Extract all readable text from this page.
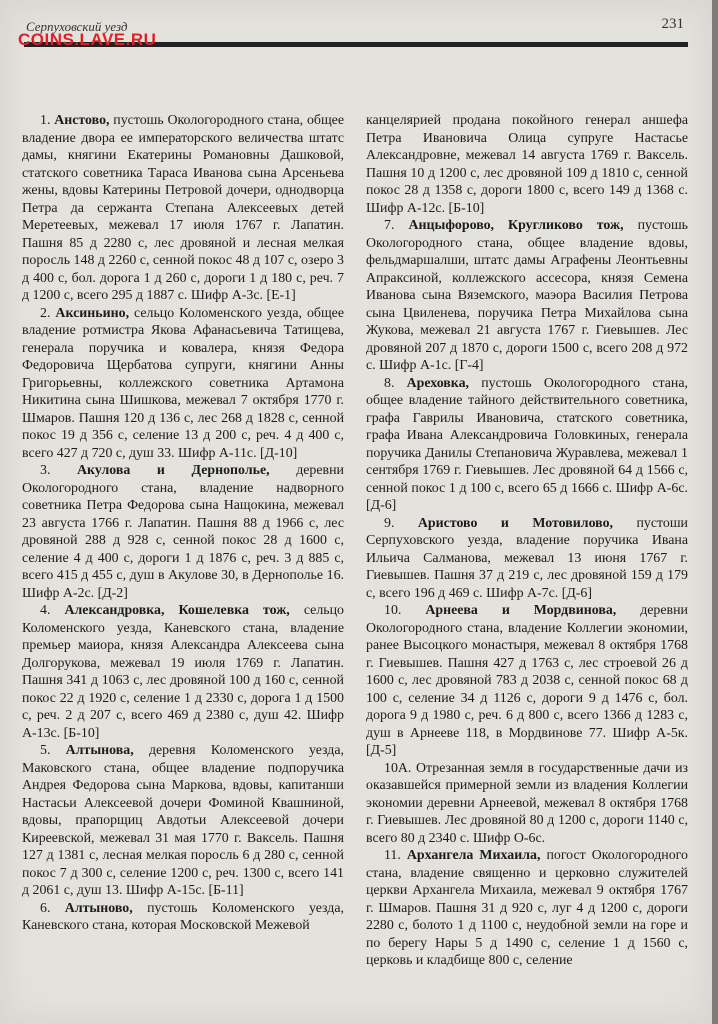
Серпуховский уезд	231
COINS.LAVE.RU

1. Анстово, пустошь Окологородного стана, общее владение двора ее императорского величества штатс дамы, княгини Екатерины Романовны Дашковой, статского советника Тараса Иванова сына Арсеньева жены, вдовы Катерины Петровой дочери, однодворца Петра да сержанта Степана Алексеевых детей Меретеевых, межевал 17 июля 1767 г. Лапатин. Пашня 85 д 2280 с, лес дровяной и лесная мелкая поросль 148 д 2260 с, сенной покос 48 д 107 с, озеро 3 д 400 с, бол. дорога 1 д 260 с, дороги 1 д 180 с, реч. 7 д 1200 с, всего 295 д 1887 с. Шифр А-3с. [Е-1]

2. Аксиньино, сельцо Коломенского уезда, общее владение ротмистра Якова Афанасьевича Татищева, генерала поручика и ковалера, князя Федора Федоровича Щербатова супруги, княгини Анны Григорьевны, коллежского советника Артамона Никитина сына Шишкова, межевал 7 октября 1770 г. Шмаров. Пашня 120 д 136 с, лес 268 д 1828 с, сенной покос 19 д 356 с, селение 13 д 200 с, реч. 4 д 400 с, всего 427 д 720 с, душ 33. Шифр А-11с. [Д-10]

3. Акулова и Дернополье, деревни Окологородного стана, владение надворного советника Петра Федорова сына Нащокина, межевал 23 августа 1766 г. Лапатин. Пашня 88 д 1966 с, лес дровяной 288 д 928 с, сенной покос 28 д 1600 с, селение 4 д 400 с, дороги 1 д 1876 с, реч. 3 д 885 с, всего 415 д 455 с, душ в Акулове 30, в Дернополье 16. Шифр А-2с. [Д-2]

4. Александровка, Кошелевка тож, сельцо Коломенского уезда, Каневского стана, владение премьер маиора, князя Александра Алексеева сына Долгорукова, межевал 19 июля 1769 г. Лапатин. Пашня 341 д 1063 с, лес дровяной 100 д 160 с, сенной покос 22 д 1920 с, селение 1 д 2330 с, дорога 1 д 1500 с, реч. 2 д 207 с, всего 469 д 2380 с, душ 42. Шифр А-13с. [Б-10]

5. Алтынова, деревня Коломенского уезда, Маковского стана, общее владение подпоручика Андрея Федорова сына Маркова, вдовы, капитанши Настасьи Алексеевой дочери Фоминой Квашниной, вдовы, прапорщиц Авдотьи Алексеевой дочери Киреевской, межевал 31 мая 1770 г. Ваксель. Пашня 127 д 1381 с, лесная мелкая поросль 6 д 280 с, сенной покос 7 д 300 с, селение 1200 с, реч. 1300 с, всего 141 д 2061 с, душ 13. Шифр А-15с. [Б-11]

6. Алтыново, пустошь Коломенского уезда, Каневского стана, которая Московской Межевой

канцелярией продана покойного генерал аншефа Петра Ивановича Олица супруге Настасье Александровне, межевал 14 августа 1769 г. Ваксель. Пашня 10 д 1200 с, лес дровяной 109 д 1810 с, сенной покос 28 д 1358 с, дороги 1800 с, всего 149 д 1368 с. Шифр А-12с. [Б-10]

7. Анцыфорово, Кругликово тож, пустошь Окологородного стана, общее владение вдовы, фельдмаршалши, штатс дамы Аграфены Леонтьевны Апраксиной, коллежского ассесора, князя Семена Иванова сына Вяземского, маэора Василия Петрова сына Цвиленева, поручика Петра Михайлова сына Жукова, межевал 21 августа 1767 г. Гиевышев. Лес дровяной 207 д 1870 с, дороги 1500 с, всего 208 д 972 с. Шифр А-1с. [Г-4]

8. Ареховка, пустошь Окологородного стана, общее владение тайного действительного советника, графа Гаврилы Ивановича, статского советника, графа Ивана Александровича Головкиных, генерала поручика Данилы Степановича Журавлева, межевал 1 сентября 1769 г. Гиевышев. Лес дровяной 64 д 1566 с, сенной покос 1 д 100 с, всего 65 д 1666 с. Шифр А-6с. [Д-6]

9. Аристово и Мотовилово, пустоши Серпуховского уезда, владение поручика Ивана Ильича Салманова, межевал 13 июня 1767 г. Гиевышев. Пашня 37 д 219 с, лес дровяной 159 д 179 с, всего 196 д 469 с. Шифр А-7с. [Д-6]

10. Арнеева и Мордвинова, деревни Окологородного стана, владение Коллегии экономии, ранее Высоцкого монастыря, межевал 8 октября 1768 г. Гиевышев. Пашня 427 д 1763 с, лес строевой 26 д 1600 с, лес дровяной 783 д 2038 с, сенной покос 68 д 100 с, селение 34 д 1126 с, дороги 9 д 1476 с, бол. дорога 9 д 1980 с, реч. 6 д 800 с, всего 1366 д 1283 с, душ в Арнееве 118, в Мордвинове 77. Шифр А-5к. [Д-5]

10А. Отрезанная земля в государственные дачи из оказавшейся примерной земли из владения Коллегии экономии деревни Арнеевой, межевал 8 октября 1768 г. Гиевышев. Лес дровяной 80 д 1200 с, дороги 1140 с, всего 80 д 2340 с. Шифр О-6с.

11. Архангела Михаила, погост Окологородного стана, владение священно и церковно служителей церкви Архангела Михаила, межевал 9 октября 1767 г. Шмаров. Пашня 31 д 920 с, луг 4 д 1200 с, дороги 2280 с, болото 1 д 1100 с, неудобной земли на горе и по берегу Нары 5 д 1490 с, селение 1 д 1560 с, церковь и кладбище 800 с, селение
